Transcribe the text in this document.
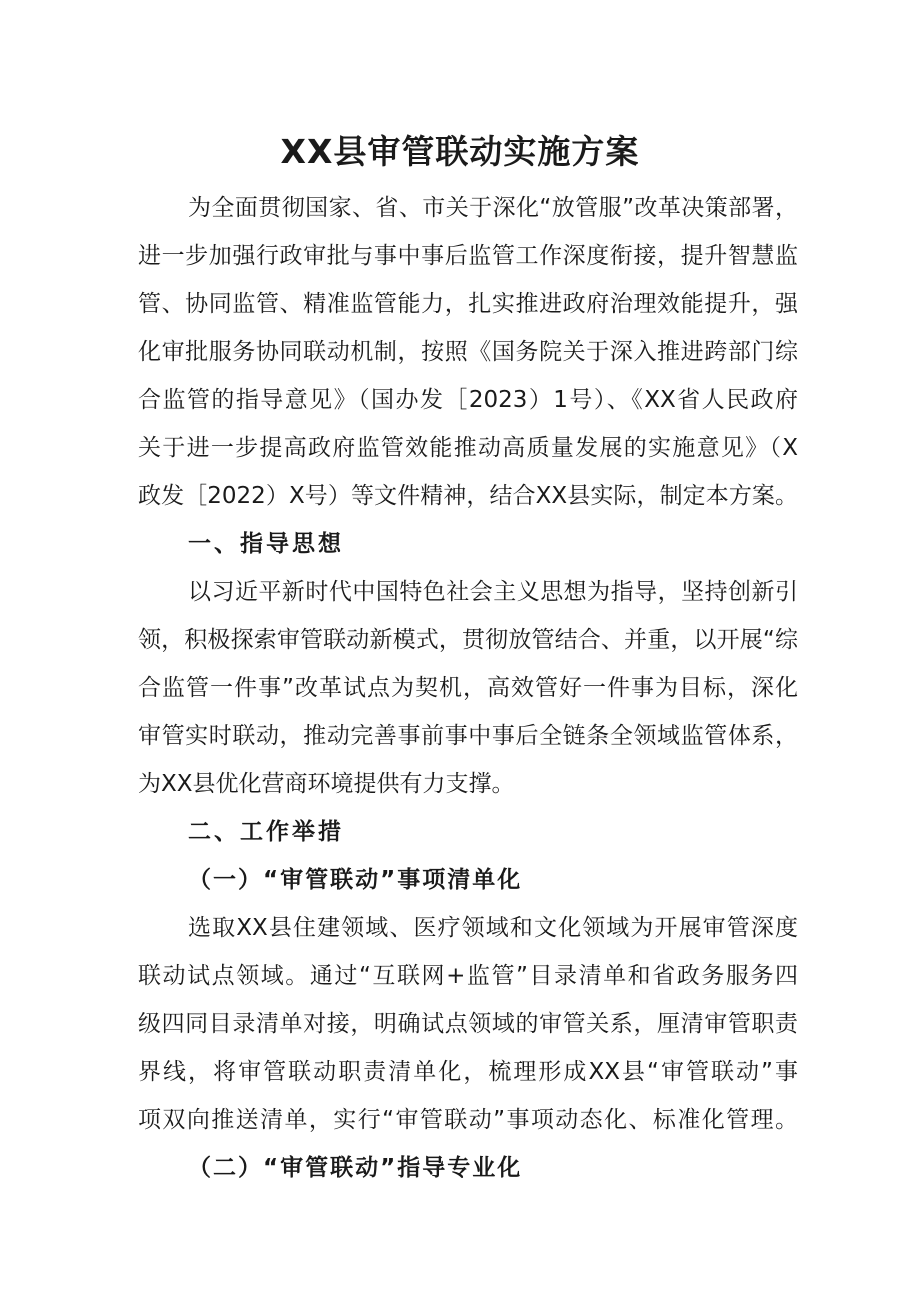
XX县审管联动实施方案

为全面贯彻国家、省、市关于深化“放管服”改革决策部署，

进一步加强行政审批与事中事后监管工作深度衔接，提升智慧监

管、协同监管、精准监管能力，扎实推进政府治理效能提升，强

化审批服务协同联动机制，按照《国务院关于深入推进跨部门综

合监管的指导意见》（国办发［2023）1号）、《XX省人民政府

关于进一步提高政府监管效能推动高质量发展的实施意见》（X

政发［2022）X号）等文件精神，结合XX县实际，制定本方案。

一、指导思想

以习近平新时代中国特色社会主义思想为指导，坚持创新引

领，积极探索审管联动新模式，贯彻放管结合、并重，以开展“综

合监管一件事”改革试点为契机，高效管好一件事为目标，深化

审管实时联动，推动完善事前事中事后全链条全领域监管体系，

为XX县优化营商环境提供有力支撑。

二、工作举措
（一）“审管联动”事项清单化

选取XX县住建领域、医疗领域和文化领域为开展审管深度

联动试点领域。通过“互联网+监管”目录清单和省政务服务四

级四同目录清单对接，明确试点领域的审管关系，厘清审管职责

界线，将审管联动职责清单化，梳理形成XX县“审管联动”事

项双向推送清单，实行“审管联动”事项动态化、标准化管理。

（二）“审管联动”指导专业化
